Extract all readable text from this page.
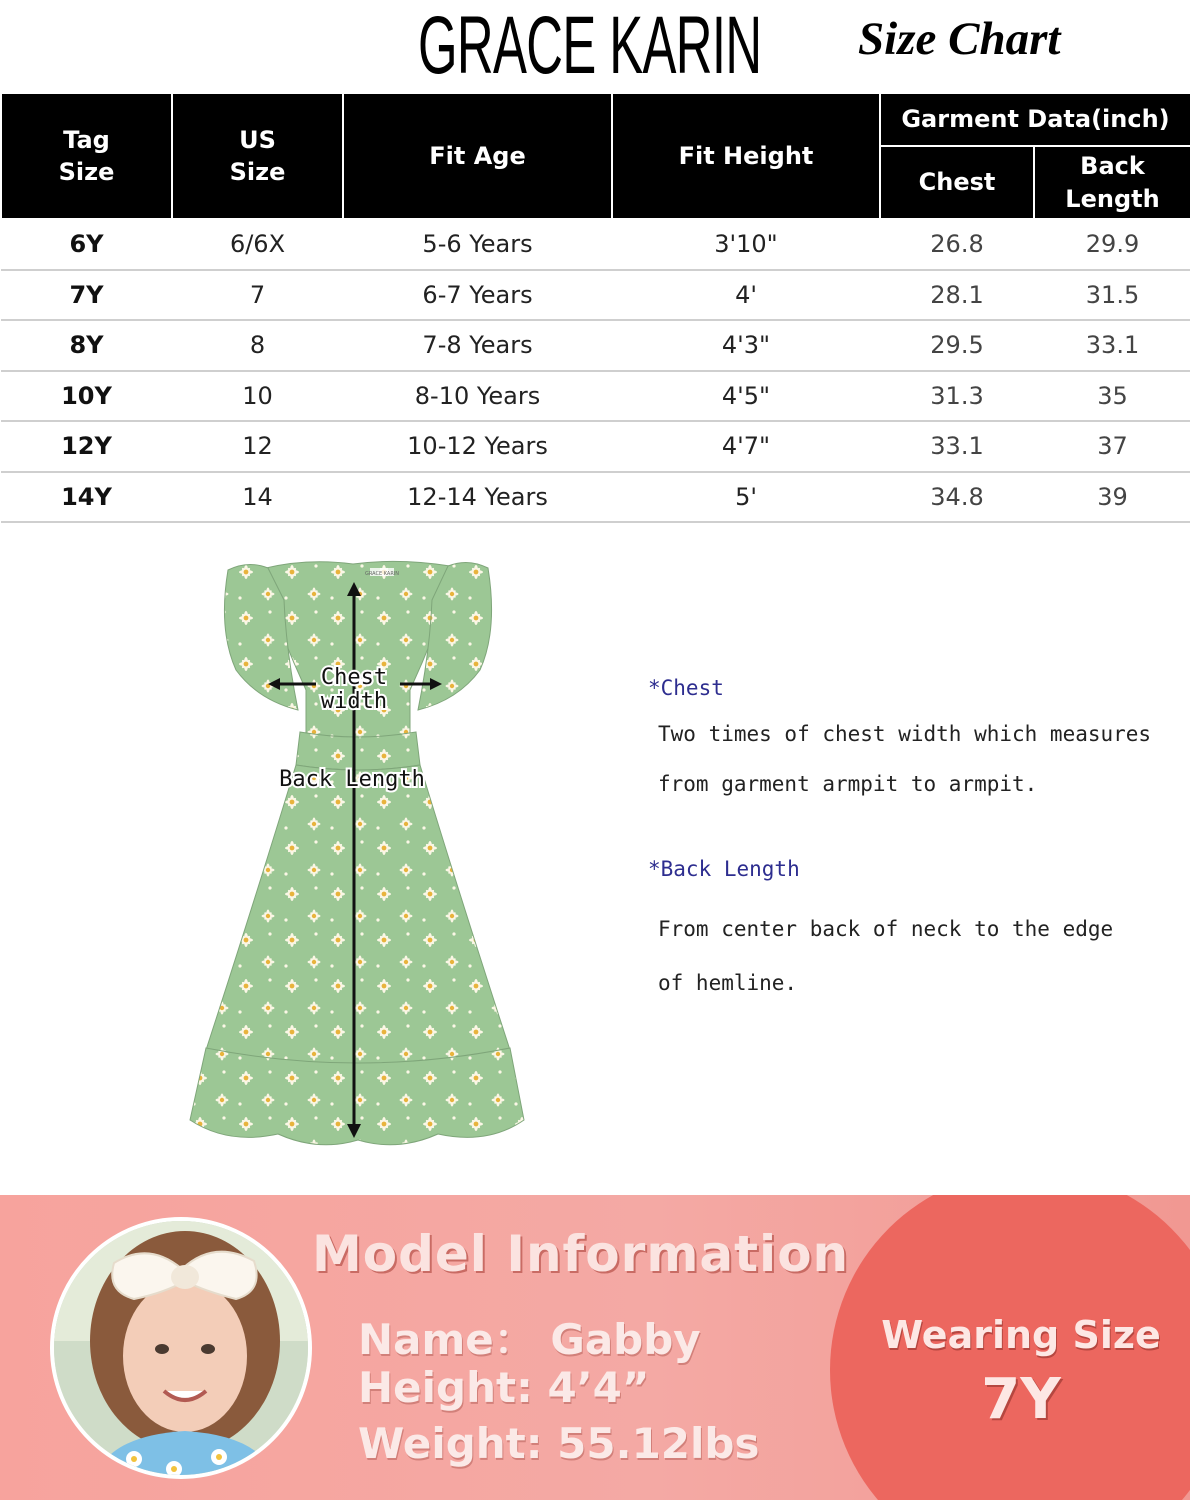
GRACE KARIN Size Chart
Tag Size	US Size	Fit Age	Fit Height	Garment Data(inch)	
				Chest	Back Length
6Y	6/6X	5-6 Years	3'10"	26.8	29.9
7Y	7	6-7 Years	4'	28.1	31.5
8Y	8	7-8 Years	4'3"	29.5	33.1
10Y	10	8-10 Years	4'5"	31.3	35
12Y	12	10-12 Years	4'7"	33.1	37
14Y	14	12-14 Years	5'	34.8	39
Chest
width
Back Length
GRACE KARIN
*Chest
Two times of chest width which measures
from garment armpit to armpit.
*Back Length
From center back of neck to the edge
of hemline.
Model Information
Name： Gabby
Height: 4’4”
Weight: 55.12lbs
Wearing Size
7Y
